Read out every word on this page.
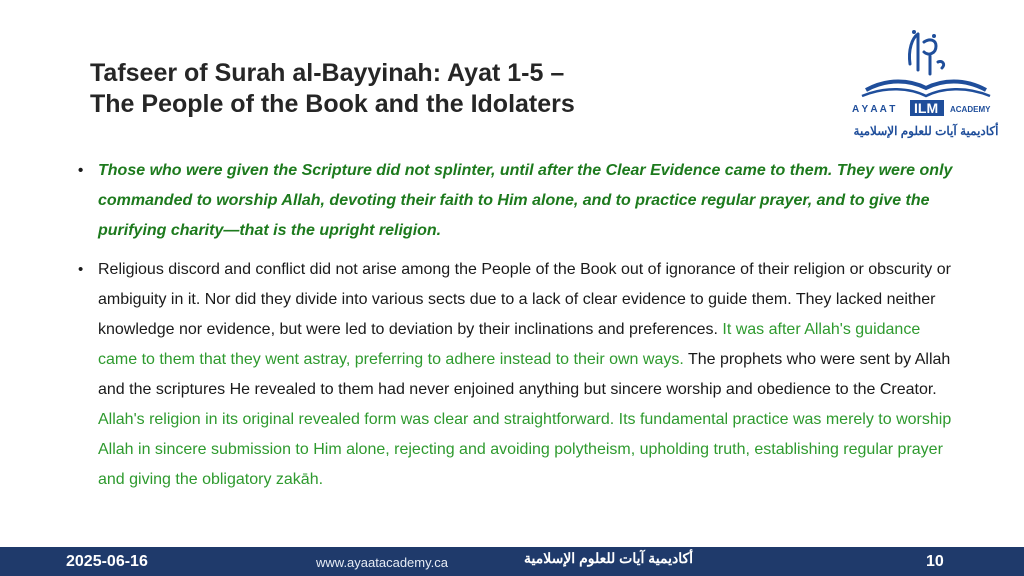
Tafseer of Surah al-Bayyinah: Ayat 1-5 –
The People of the Book and the Idolaters	A Y A A T ILM ACADEMY
أكاديمية آيات للعلوم الإسلامية
• Those who were given the Scripture did not splinter, until after the Clear Evidence came to them. They were only commanded to worship Allah, devoting their faith to Him alone, and to practice regular prayer, and to give the purifying charity—that is the upright religion.
• Religious discord and conflict did not arise among the People of the Book out of ignorance of their religion or obscurity or ambiguity in it. Nor did they divide into various sects due to a lack of clear evidence to guide them. They lacked neither knowledge nor evidence, but were led to deviation by their inclinations and preferences. It was after Allah's guidance came to them that they went astray, preferring to adhere instead to their own ways. The prophets who were sent by Allah and the scriptures He revealed to them had never enjoined anything but sincere worship and obedience to the Creator. Allah's religion in its original revealed form was clear and straightforward. Its fundamental practice was merely to worship Allah in sincere submission to Him alone, rejecting and avoiding polytheism, upholding truth, establishing regular prayer and giving the obligatory zakāh.
2025-06-16	www.ayaatacademy.ca	أكاديمية آيات للعلوم الإسلامية	10
